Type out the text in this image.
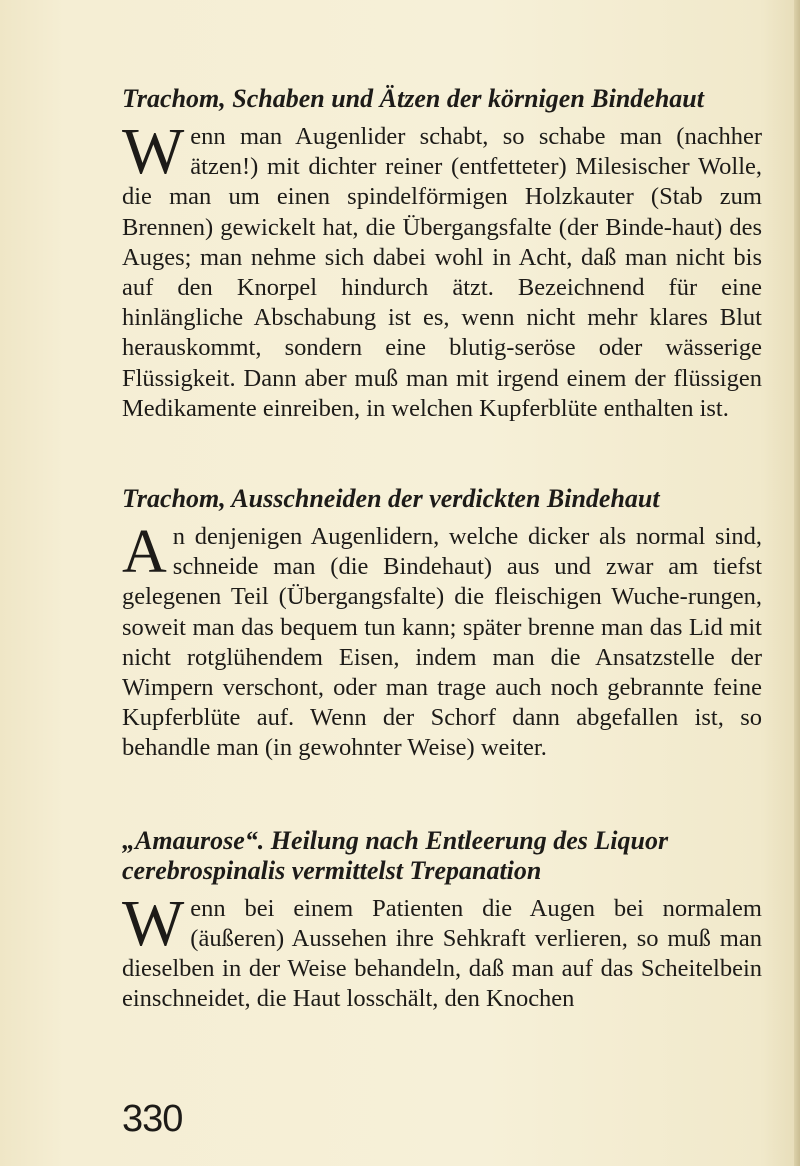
Trachom, Schaben und Ätzen der körnigen Bindehaut

Wenn man Augenlider schabt, so schabe man (nachher ätzen!) mit dichter reiner (entfetteter) Milesischer Wolle, die man um einen spindelförmigen Holzkauter (Stab zum Brennen) gewickelt hat, die Übergangsfalte (der Binde-haut) des Auges; man nehme sich dabei wohl in Acht, daß man nicht bis auf den Knorpel hindurch ätzt. Bezeichnend für eine hinlängliche Abschabung ist es, wenn nicht mehr klares Blut herauskommt, sondern eine blutig-seröse oder wässerige Flüssigkeit. Dann aber muß man mit irgend einem der flüssigen Medikamente einreiben, in welchen Kupferblüte enthalten ist.

Trachom, Ausschneiden der verdickten Bindehaut

An denjenigen Augenlidern, welche dicker als normal sind, schneide man (die Bindehaut) aus und zwar am tiefst gelegenen Teil (Übergangsfalte) die fleischigen Wuche-rungen, soweit man das bequem tun kann; später brenne man das Lid mit nicht rotglühendem Eisen, indem man die Ansatzstelle der Wimpern verschont, oder man trage auch noch gebrannte feine Kupferblüte auf. Wenn der Schorf dann abgefallen ist, so behandle man (in gewohnter Weise) weiter.

„Amaurose“. Heilung nach Entleerung des Liquor cerebrospinalis vermittelst Trepanation

Wenn bei einem Patienten die Augen bei normalem (äußeren) Aussehen ihre Sehkraft verlieren, so muß man dieselben in der Weise behandeln, daß man auf das Scheitelbein einschneidet, die Haut losschält, den Knochen

330
